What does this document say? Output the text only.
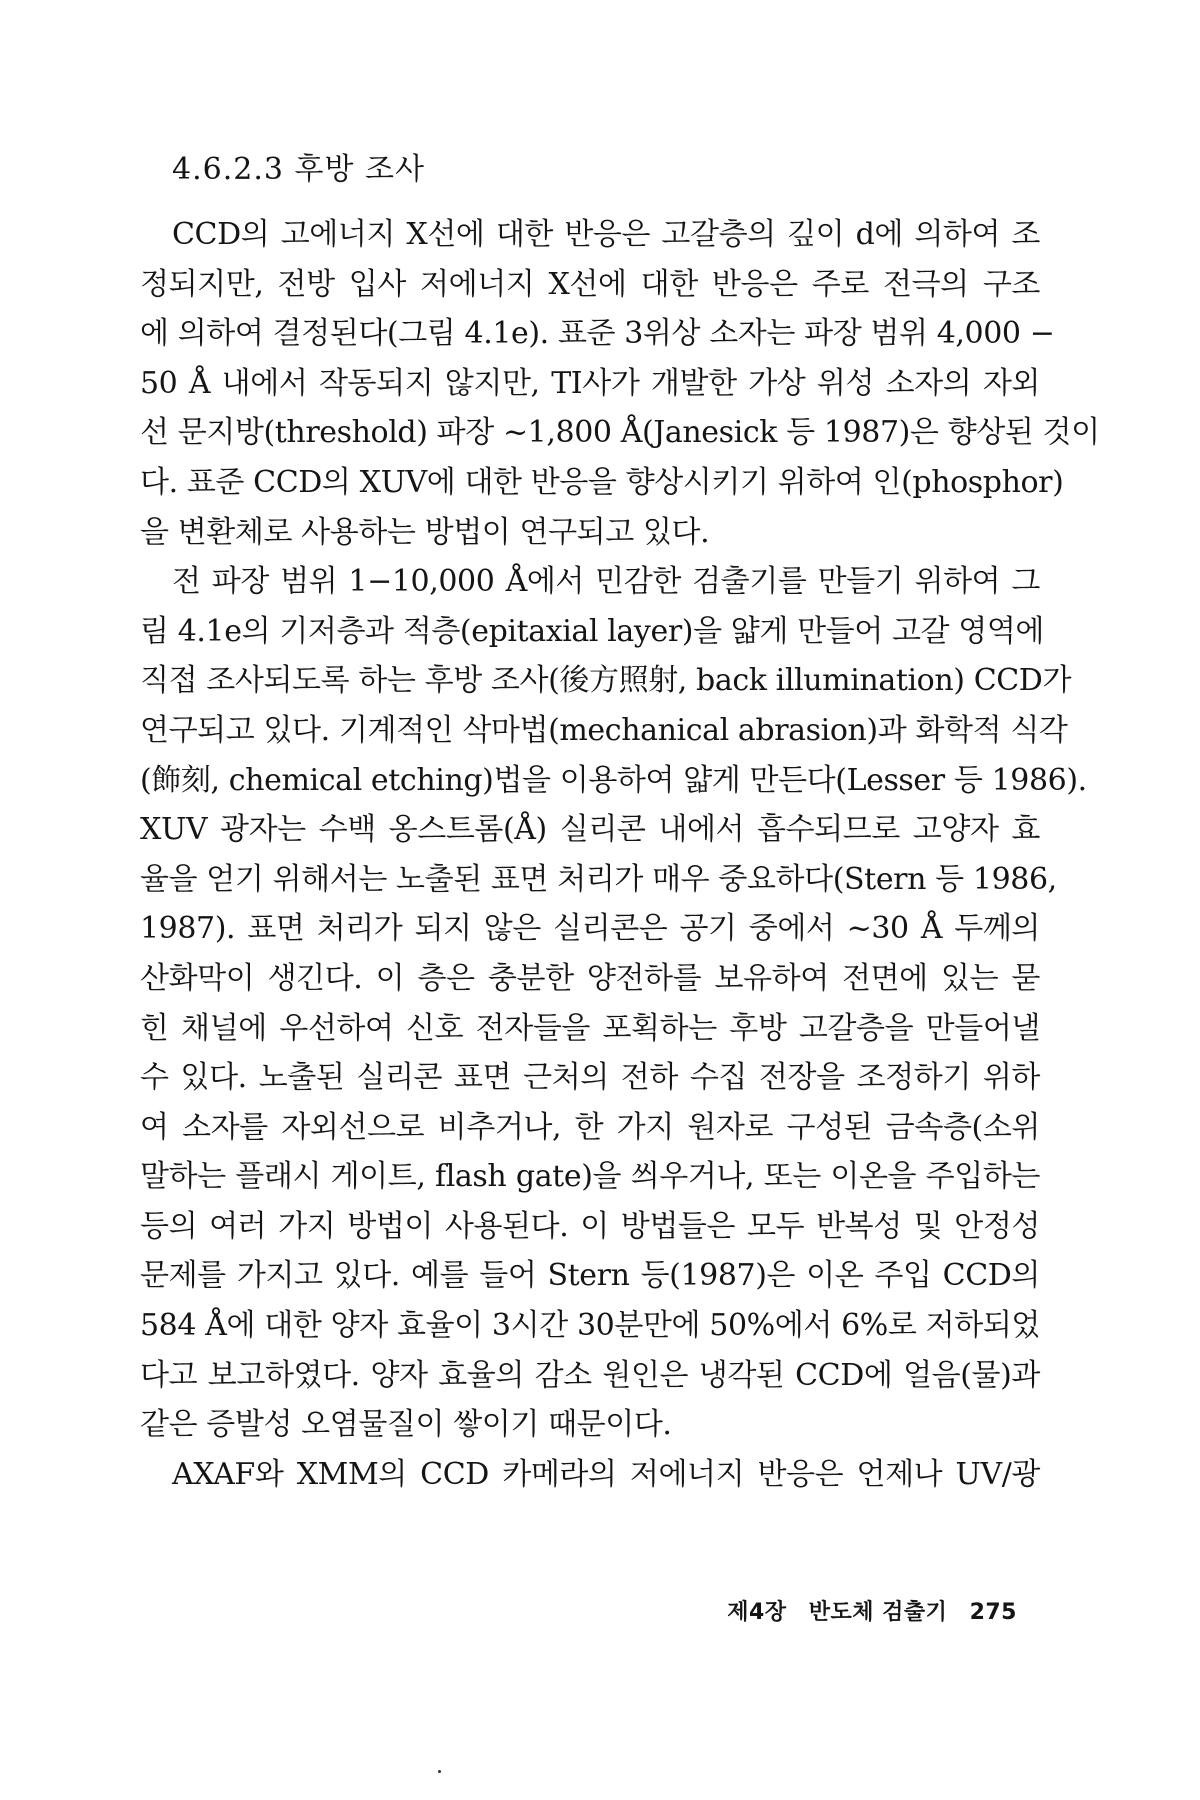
4.6.2.3 후방 조사
CCD의 고에너지 X선에 대한 반응은 고갈층의 깊이 d에 의하여 조
정되지만, 전방 입사 저에너지 X선에 대한 반응은 주로 전극의 구조
에 의하여 결정된다(그림 4.1e). 표준 3위상 소자는 파장 범위 4,000 −
50 Å 내에서 작동되지 않지만, TI사가 개발한 가상 위성 소자의 자외
선 문지방(threshold) 파장 ~1,800 Å(Janesick 등 1987)은 향상된 것이
다. 표준 CCD의 XUV에 대한 반응을 향상시키기 위하여 인(phosphor)
을 변환체로 사용하는 방법이 연구되고 있다.
전 파장 범위 1−10,000 Å에서 민감한 검출기를 만들기 위하여 그
림 4.1e의 기저층과 적층(epitaxial layer)을 얇게 만들어 고갈 영역에
직접 조사되도록 하는 후방 조사(後方照射, back illumination) CCD가
연구되고 있다. 기계적인 삭마법(mechanical abrasion)과 화학적 식각
(飾刻, chemical etching)법을 이용하여 얇게 만든다(Lesser 등 1986).
XUV 광자는 수백 옹스트롬(Å) 실리콘 내에서 흡수되므로 고양자 효
율을 얻기 위해서는 노출된 표면 처리가 매우 중요하다(Stern 등 1986,
1987). 표면 처리가 되지 않은 실리콘은 공기 중에서 ~30 Å 두께의
산화막이 생긴다. 이 층은 충분한 양전하를 보유하여 전면에 있는 묻
힌 채널에 우선하여 신호 전자들을 포획하는 후방 고갈층을 만들어낼
수 있다. 노출된 실리콘 표면 근처의 전하 수집 전장을 조정하기 위하
여 소자를 자외선으로 비추거나, 한 가지 원자로 구성된 금속층(소위
말하는 플래시 게이트, flash gate)을 씌우거나, 또는 이온을 주입하는
등의 여러 가지 방법이 사용된다. 이 방법들은 모두 반복성 및 안정성
문제를 가지고 있다. 예를 들어 Stern 등(1987)은 이온 주입 CCD의
584 Å에 대한 양자 효율이 3시간 30분만에 50%에서 6%로 저하되었
다고 보고하였다. 양자 효율의 감소 원인은 냉각된 CCD에 얼음(물)과
같은 증발성 오염물질이 쌓이기 때문이다.
AXAF와 XMM의 CCD 카메라의 저에너지 반응은 언제나 UV/광
제4장 반도체 검출기 275
